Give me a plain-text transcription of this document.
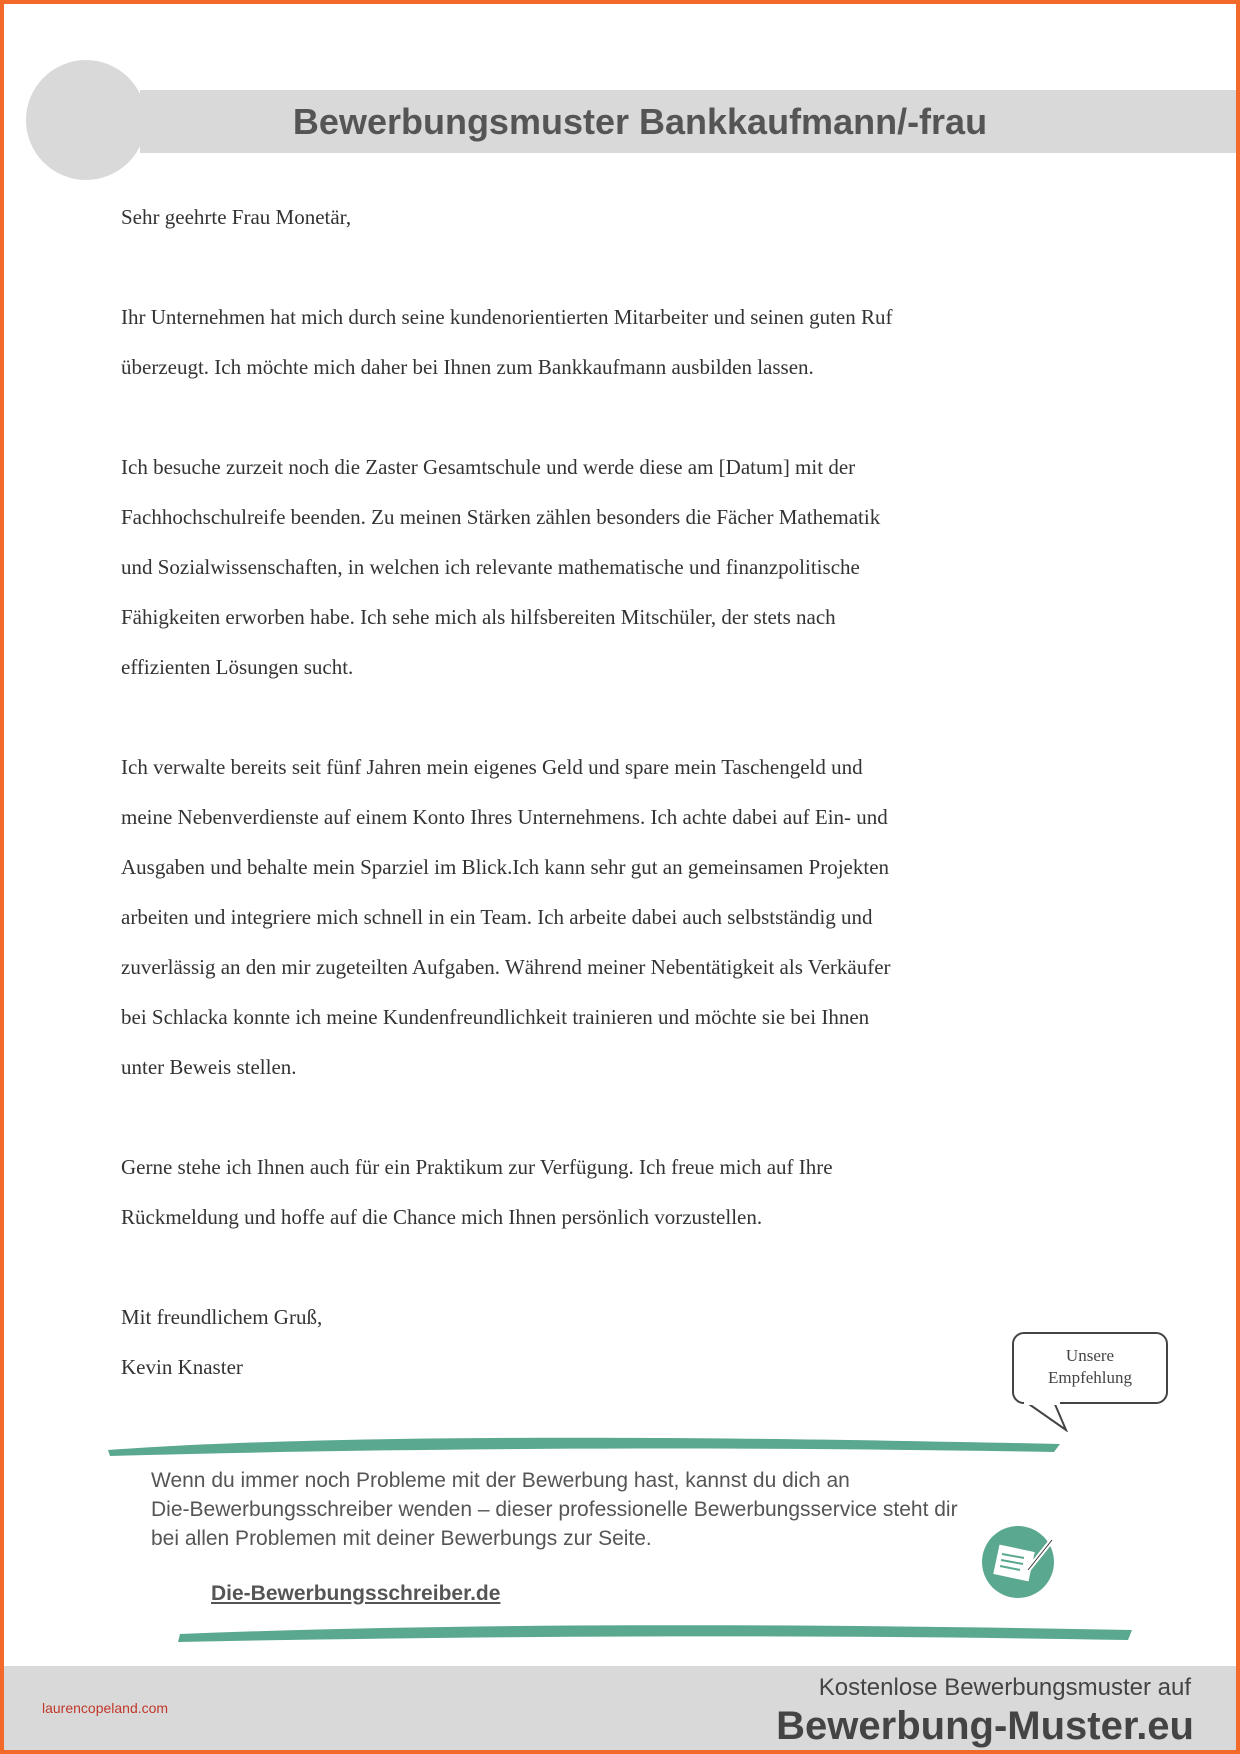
Bewerbungsmuster Bankkaufmann/-frau

Sehr geehrte Frau Monetär,

Ihr Unternehmen hat mich durch seine kundenorientierten Mitarbeiter und seinen guten Ruf
überzeugt. Ich möchte mich daher bei Ihnen zum Bankkaufmann ausbilden lassen.

Ich besuche zurzeit noch die Zaster Gesamtschule und werde diese am [Datum] mit der
Fachhochschulreife beenden. Zu meinen Stärken zählen besonders die Fächer Mathematik
und Sozialwissenschaften, in welchen ich relevante mathematische und finanzpolitische
Fähigkeiten erworben habe. Ich sehe mich als hilfsbereiten Mitschüler, der stets nach
effizienten Lösungen sucht.

Ich verwalte bereits seit fünf Jahren mein eigenes Geld und spare mein Taschengeld und
meine Nebenverdienste auf einem Konto Ihres Unternehmens. Ich achte dabei auf Ein- und
Ausgaben und behalte mein Sparziel im Blick.Ich kann sehr gut an gemeinsamen Projekten
arbeiten und integriere mich schnell in ein Team. Ich arbeite dabei auch selbstständig und
zuverlässig an den mir zugeteilten Aufgaben. Während meiner Nebentätigkeit als Verkäufer
bei Schlacka konnte ich meine Kundenfreundlichkeit trainieren und möchte sie bei Ihnen
unter Beweis stellen.

Gerne stehe ich Ihnen auch für ein Praktikum zur Verfügung. Ich freue mich auf Ihre
Rückmeldung und hoffe auf die Chance mich Ihnen persönlich vorzustellen.

Mit freundlichem Gruß,

Kevin Knaster	Unsere
Empfehlung
Wenn du immer noch Probleme mit der Bewerbung hast, kannst du dich an
Die-Bewerbungsschreiber wenden – dieser professionelle Bewerbungsservice steht dir
bei allen Problemen mit deiner Bewerbungs zur Seite.
Die-Bewerbungsschreiber.de
laurencopeland.com
Kostenlose Bewerbungsmuster auf
Bewerbung-Muster.eu
